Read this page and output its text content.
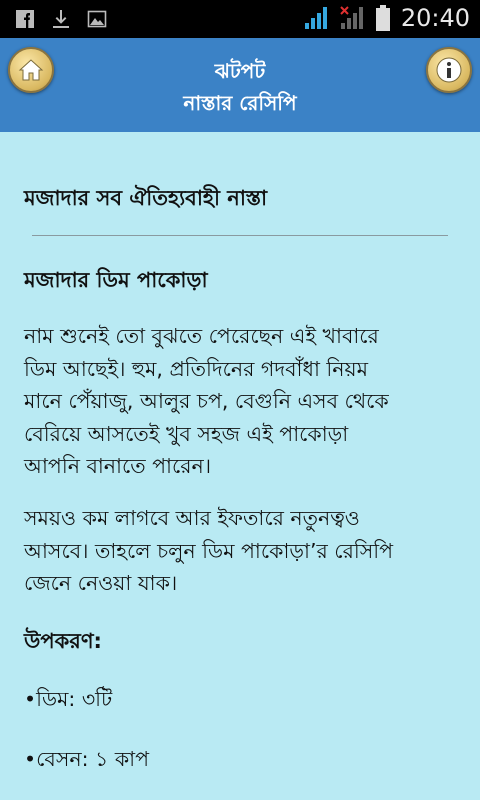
20:40
ঝটপট
নাস্তার রেসিপি
মজাদার সব ঐতিহ্যবাহী নাস্তা
মজাদার ডিম পাকোড়া
নাম শুনেই তো বুঝতে পেরেছেন এই খাবারে
ডিম আছেই। হুম, প্রতিদিনের গদবাঁধা নিয়ম
মানে পেঁয়াজু, আলুর চপ, বেগুনি এসব থেকে
বেরিয়ে আসতেই খুব সহজ এই পাকোড়া
আপনি বানাতে পারেন।
সময়ও কম লাগবে আর ইফতারে নতুনত্বও
আসবে। তাহলে চলুন ডিম পাকোড়া’র রেসিপি
জেনে নেওয়া যাক।
উপকরণ:
•ডিম: ৩টি
•বেসন: ১ কাপ
